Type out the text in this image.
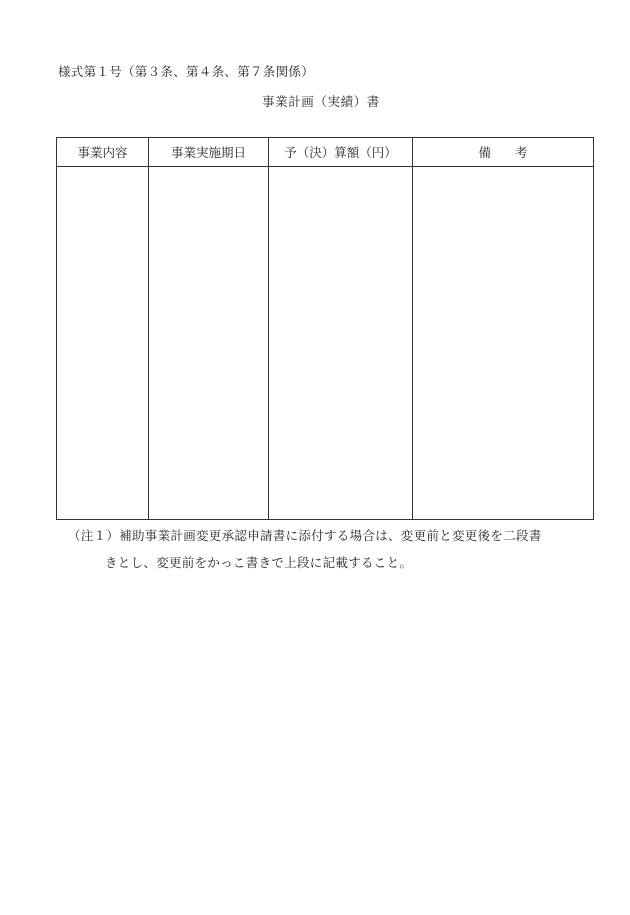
様式第１号（第３条、第４条、第７条関係）
事業計画（実績）書
事業内容	事業実施期日	予（決）算額（円）	備考

（注１）補助事業計画変更承認申請書に添付する場合は、変更前と変更後を二段書
きとし、変更前をかっこ書きで上段に記載すること。
